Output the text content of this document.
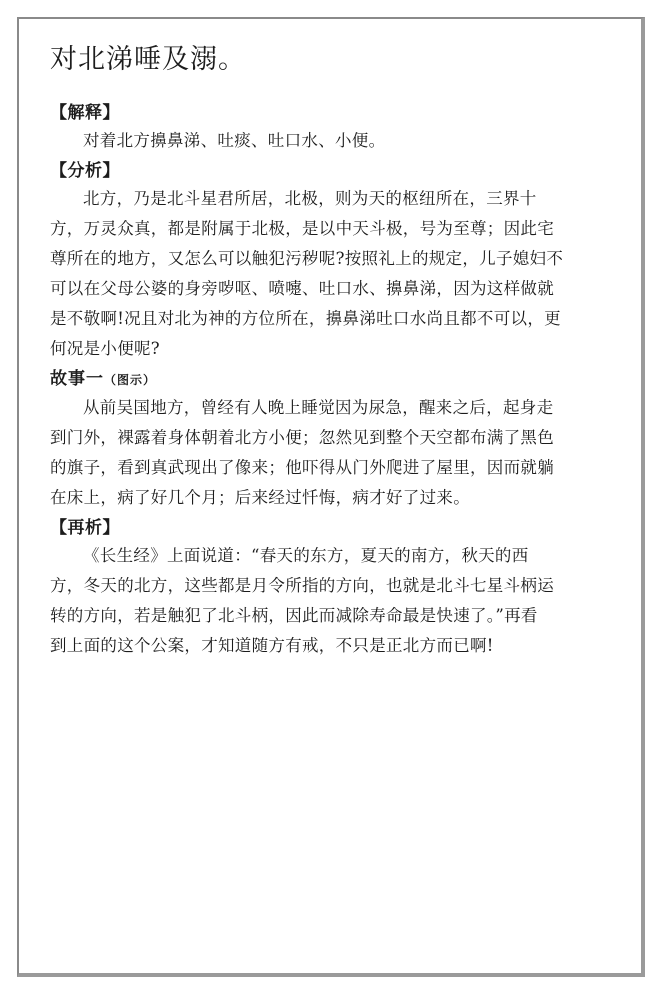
对北涕唾及溺。
【解释】
对着北方擤鼻涕、吐痰、吐口水、小便。
【分析】
北方，乃是北斗星君所居，北极，则为天的枢纽所在，三界十
方，万灵众真，都是附属于北极，是以中天斗极，号为至尊；因此宅
尊所在的地方，又怎么可以触犯污秽呢?按照礼上的规定，儿子媳妇不
可以在父母公婆的身旁哕呕、喷嚏、吐口水、擤鼻涕，因为这样做就
是不敬啊!况且对北为神的方位所在，擤鼻涕吐口水尚且都不可以，更
何况是小便呢?
故事一（图示）
从前吴国地方，曾经有人晚上睡觉因为尿急，醒来之后，起身走
到门外，裸露着身体朝着北方小便；忽然见到整个天空都布满了黑色
的旗子，看到真武现出了像来；他吓得从门外爬进了屋里，因而就躺
在床上，病了好几个月；后来经过忏悔，病才好了过来。
【再析】
《长生经》上面说道：“春天的东方，夏天的南方，秋天的西
方，冬天的北方，这些都是月令所指的方向，也就是北斗七星斗柄运
转的方向，若是触犯了北斗柄，因此而减除寿命最是快速了。”再看
到上面的这个公案，才知道随方有戒，不只是正北方而已啊!
